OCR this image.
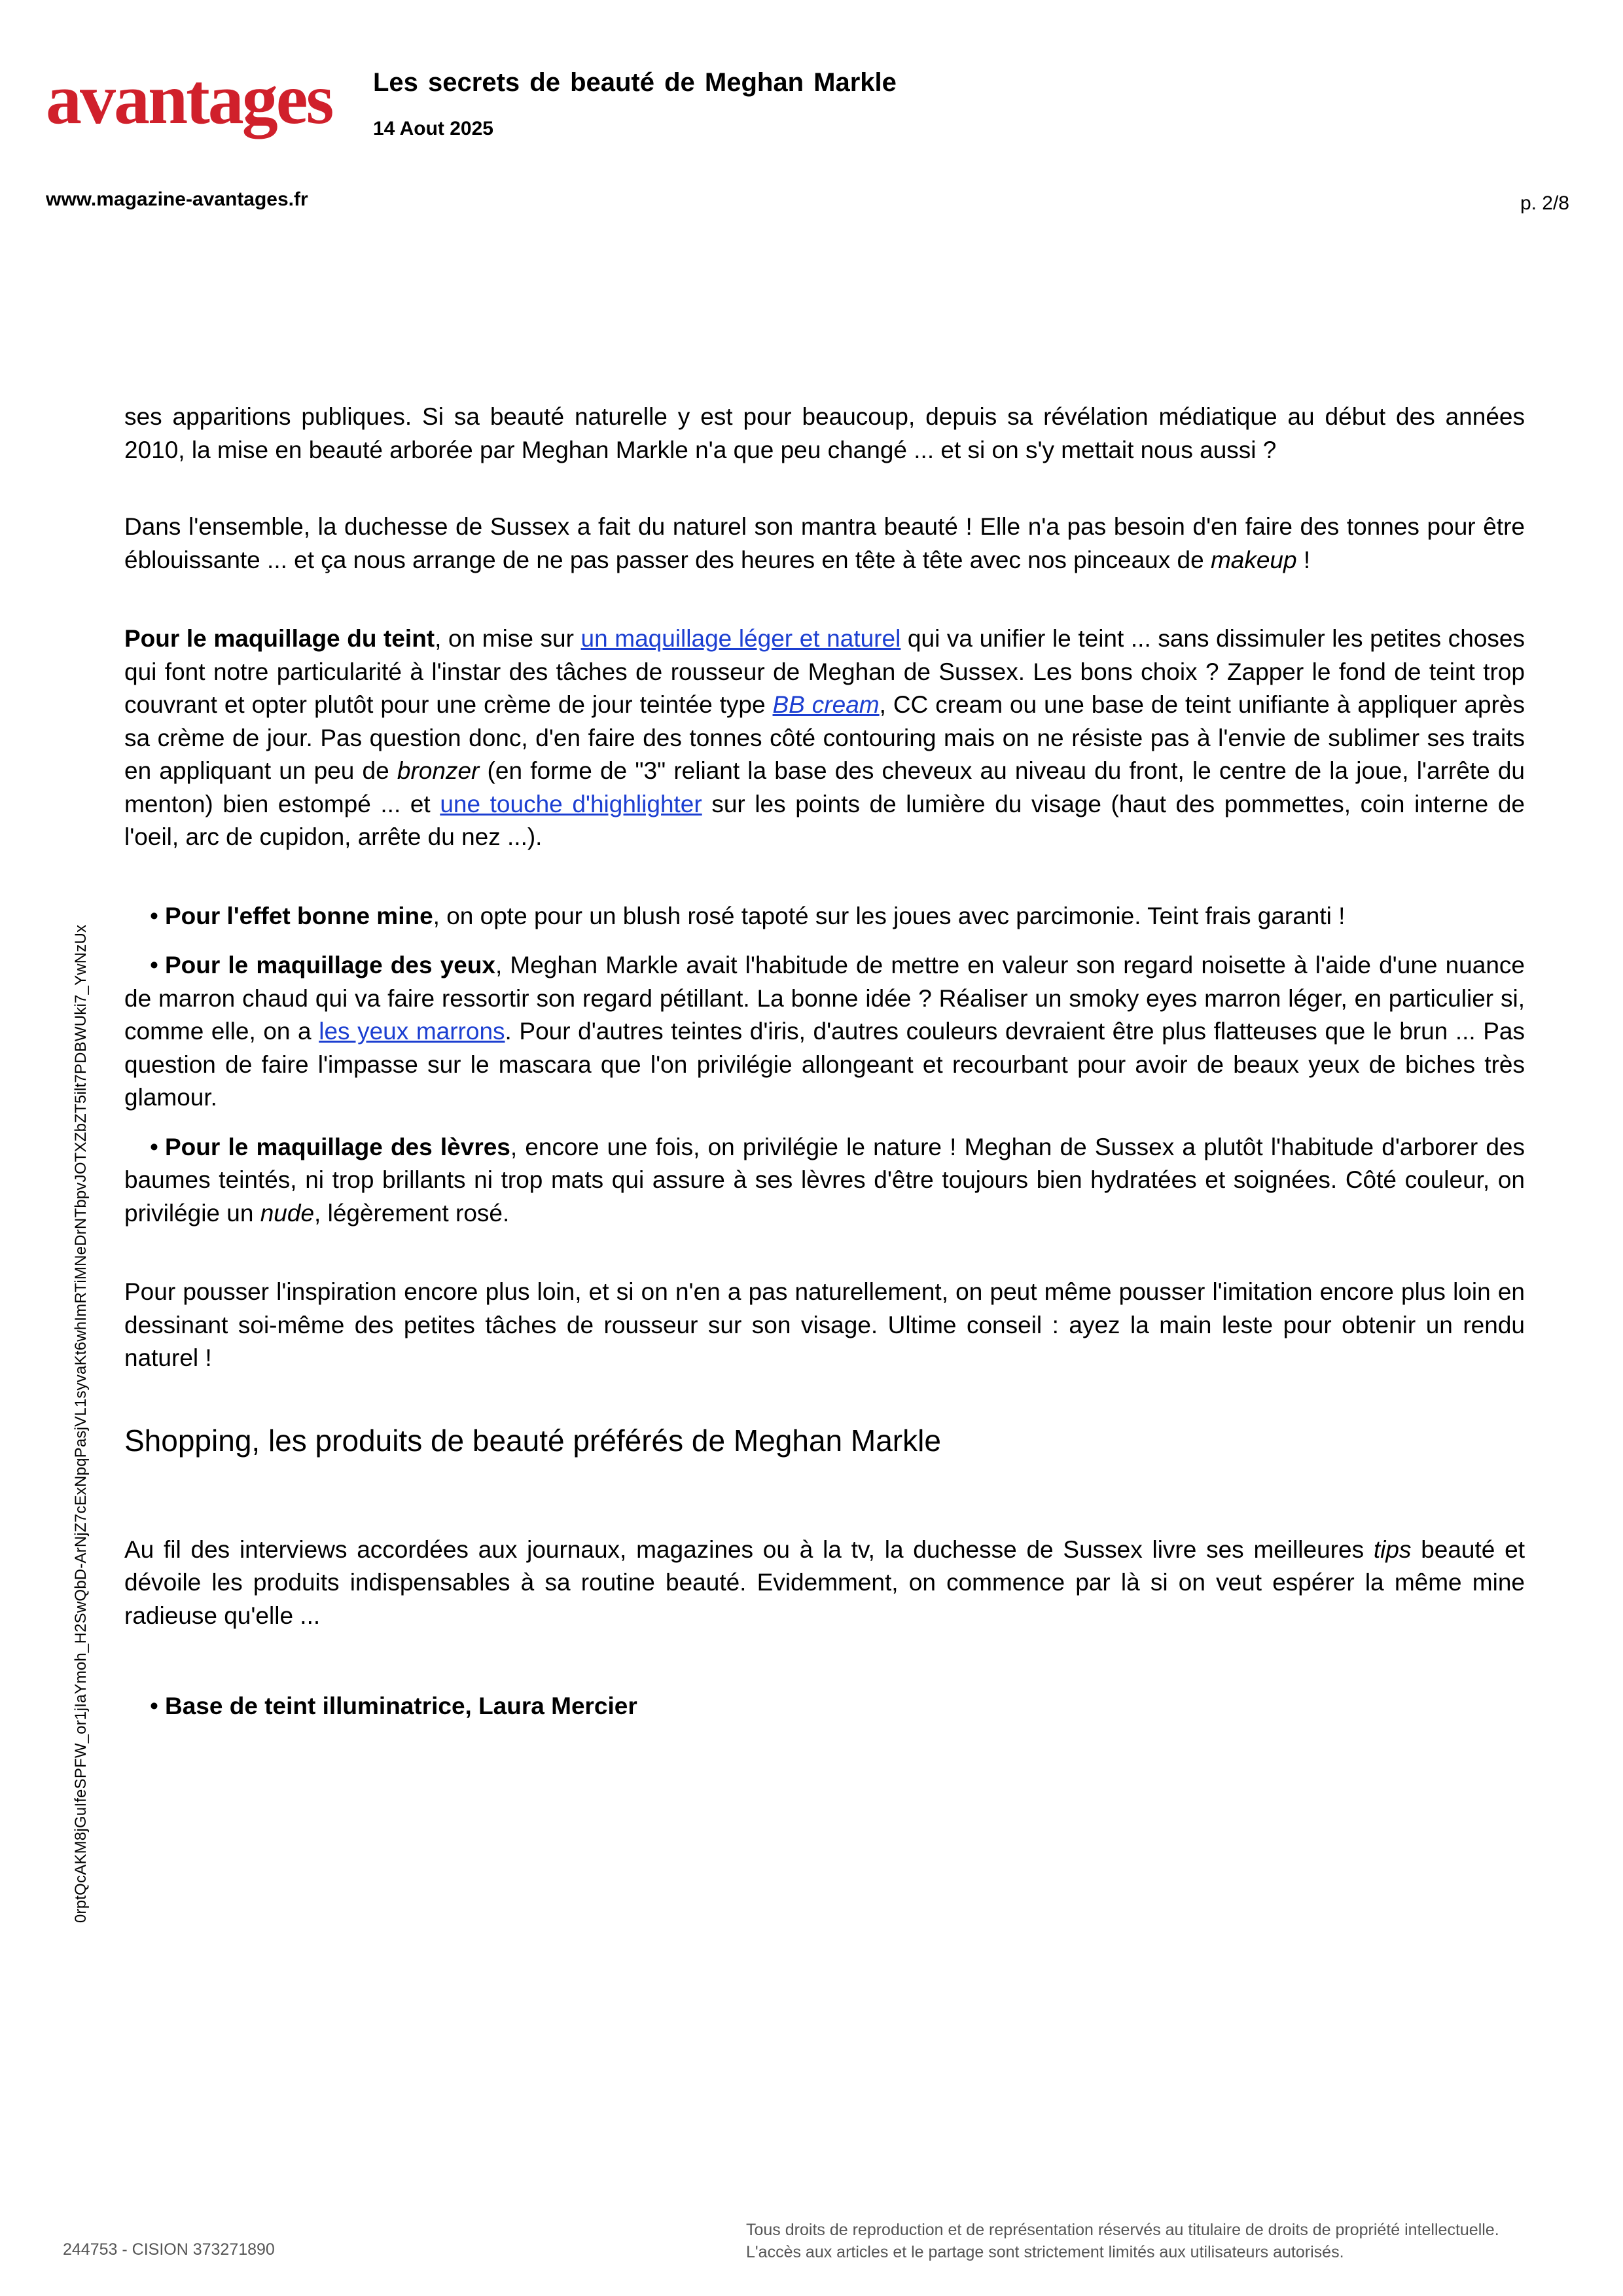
avantages Les secrets de beauté de Meghan Markle
14 Aout 2025
www.magazine-avantages.fr	p. 2/8
0rptQcAKM8jGuIfeSPFW_or1jIaYmoh_H2SwQbD-ArNjZ7cExNpqPasjVL1syvaKt6whImRTiMNeDrNTbpvJOTXZbZT5ilt7PDBWUki7_YwNzUx

ses apparitions publiques. Si sa beauté naturelle y est pour beaucoup, depuis sa révélation médiatique au début des années 2010, la mise en beauté arborée par Meghan Markle n'a que peu changé ... et si on s'y mettait nous aussi ?

Dans l'ensemble, la duchesse de Sussex a fait du naturel son mantra beauté ! Elle n'a pas besoin d'en faire des tonnes pour être éblouissante ... et ça nous arrange de ne pas passer des heures en tête à tête avec nos pinceaux de makeup !

Pour le maquillage du teint, on mise sur un maquillage léger et naturel qui va unifier le teint ... sans dissimuler les petites choses qui font notre particularité à l'instar des tâches de rousseur de Meghan de Sussex. Les bons choix ? Zapper le fond de teint trop couvrant et opter plutôt pour une crème de jour teintée type BB cream, CC cream ou une base de teint unifiante à appliquer après sa crème de jour. Pas question donc, d'en faire des tonnes côté contouring mais on ne résiste pas à l'envie de sublimer ses traits en appliquant un peu de bronzer (en forme de "3" reliant la base des cheveux au niveau du front, le centre de la joue, l'arrête du menton) bien estompé ... et une touche d'highlighter sur les points de lumière du visage (haut des pommettes, coin interne de l'oeil, arc de cupidon, arrête du nez ...).

• Pour l'effet bonne mine, on opte pour un blush rosé tapoté sur les joues avec parcimonie. Teint frais garanti !

• Pour le maquillage des yeux, Meghan Markle avait l'habitude de mettre en valeur son regard noisette à l'aide d'une nuance de marron chaud qui va faire ressortir son regard pétillant. La bonne idée ? Réaliser un smoky eyes marron léger, en particulier si, comme elle, on a les yeux marrons. Pour d'autres teintes d'iris, d'autres couleurs devraient être plus flatteuses que le brun ... Pas question de faire l'impasse sur le mascara que l'on privilégie allongeant et recourbant pour avoir de beaux yeux de biches très glamour.

• Pour le maquillage des lèvres, encore une fois, on privilégie le nature ! Meghan de Sussex a plutôt l'habitude d'arborer des baumes teintés, ni trop brillants ni trop mats qui assure à ses lèvres d'être toujours bien hydratées et soignées. Côté couleur, on privilégie un nude, légèrement rosé.

Pour pousser l'inspiration encore plus loin, et si on n'en a pas naturellement, on peut même pousser l'imitation encore plus loin en dessinant soi-même des petites tâches de rousseur sur son visage. Ultime conseil : ayez la main leste pour obtenir un rendu naturel !

Shopping, les produits de beauté préférés de Meghan Markle

Au fil des interviews accordées aux journaux, magazines ou à la tv, la duchesse de Sussex livre ses meilleures tips beauté et dévoile les produits indispensables à sa routine beauté. Evidemment, on commence par là si on veut espérer la même mine radieuse qu'elle ...

• Base de teint illuminatrice, Laura Mercier

244753 - CISION 373271890
Tous droits de reproduction et de représentation réservés au titulaire de droits de propriété intellectuelle.
L'accès aux articles et le partage sont strictement limités aux utilisateurs autorisés.
